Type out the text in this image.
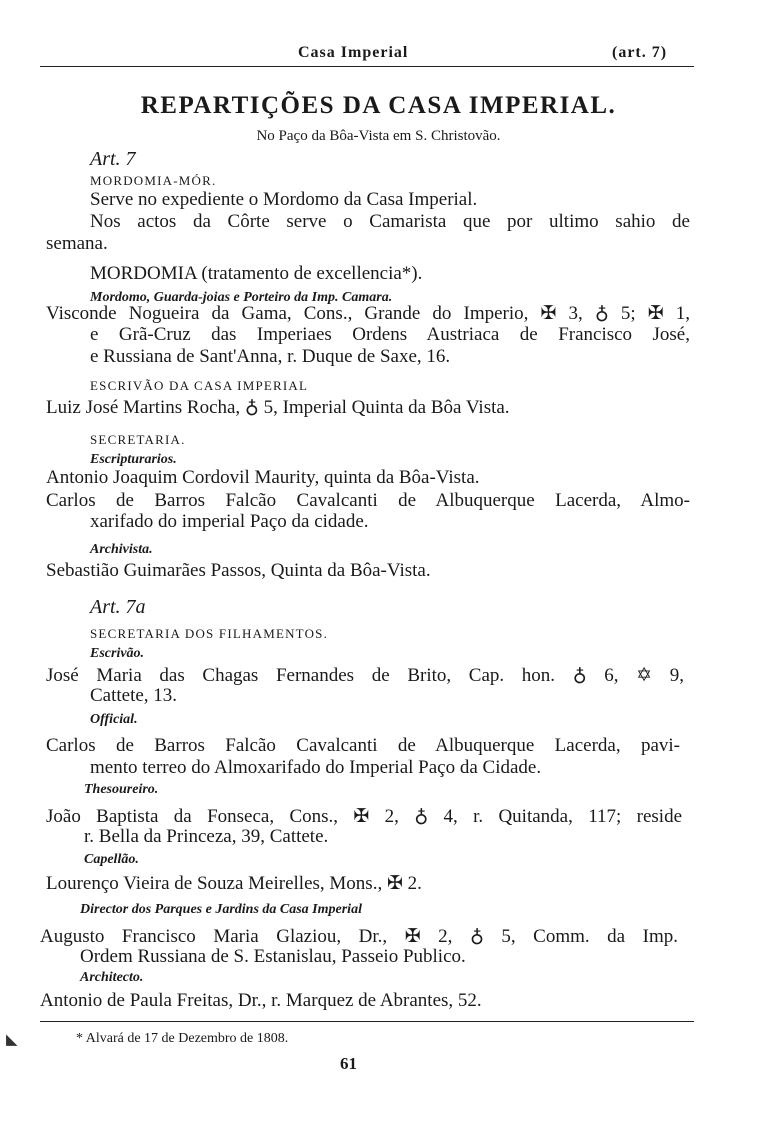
Casa Imperial	(art. 7)
REPARTIÇÕES DA CASA IMPERIAL.
No Paço da Bôa-Vista em S. Christovão.
Art. 7
MORDOMIA-MÓR.
Serve no expediente o Mordomo da Casa Imperial.
Nos actos da Côrte serve o Camarista que por ultimo sahio de
semana.
MORDOMIA (tratamento de excellencia*).
Mordomo, Guarda-joias e Porteiro da Imp. Camara.
Visconde Nogueira da Gama, Cons., Grande do Imperio, ✠ 3, ♁ 5; ✠ 1,
e Grã-Cruz das Imperiaes Ordens Austriaca de Francisco José,
e Russiana de Sant'Anna, r. Duque de Saxe, 16.
ESCRIVÃO DA CASA IMPERIAL
Luiz José Martins Rocha, ♁ 5, Imperial Quinta da Bôa Vista.
SECRETARIA.
Escripturarios.
Antonio Joaquim Cordovil Maurity, quinta da Bôa-Vista.
Carlos de Barros Falcão Cavalcanti de Albuquerque Lacerda, Almo-
xarifado do imperial Paço da cidade.
Archivista.
Sebastião Guimarães Passos, Quinta da Bôa-Vista.
Art. 7a
SECRETARIA DOS FILHAMENTOS.
Escrivão.
José Maria das Chagas Fernandes de Brito, Cap. hon. ♁ 6, ✡ 9,
Cattete, 13.
Official.
Carlos de Barros Falcão Cavalcanti de Albuquerque Lacerda, pavi-
mento terreo do Almoxarifado do Imperial Paço da Cidade.
Thesoureiro.
João Baptista da Fonseca, Cons., ✠ 2, ♁ 4, r. Quitanda, 117; reside
r. Bella da Princeza, 39, Cattete.
Capellão.
Lourenço Vieira de Souza Meirelles, Mons., ✠ 2.
Director dos Parques e Jardins da Casa Imperial
Augusto Francisco Maria Glaziou, Dr., ✠ 2, ♁ 5, Comm. da Imp.
Ordem Russiana de S. Estanislau, Passeio Publico.
Architecto.
Antonio de Paula Freitas, Dr., r. Marquez de Abrantes, 52.
* Alvará de 17 de Dezembro de 1808.
61
◣
